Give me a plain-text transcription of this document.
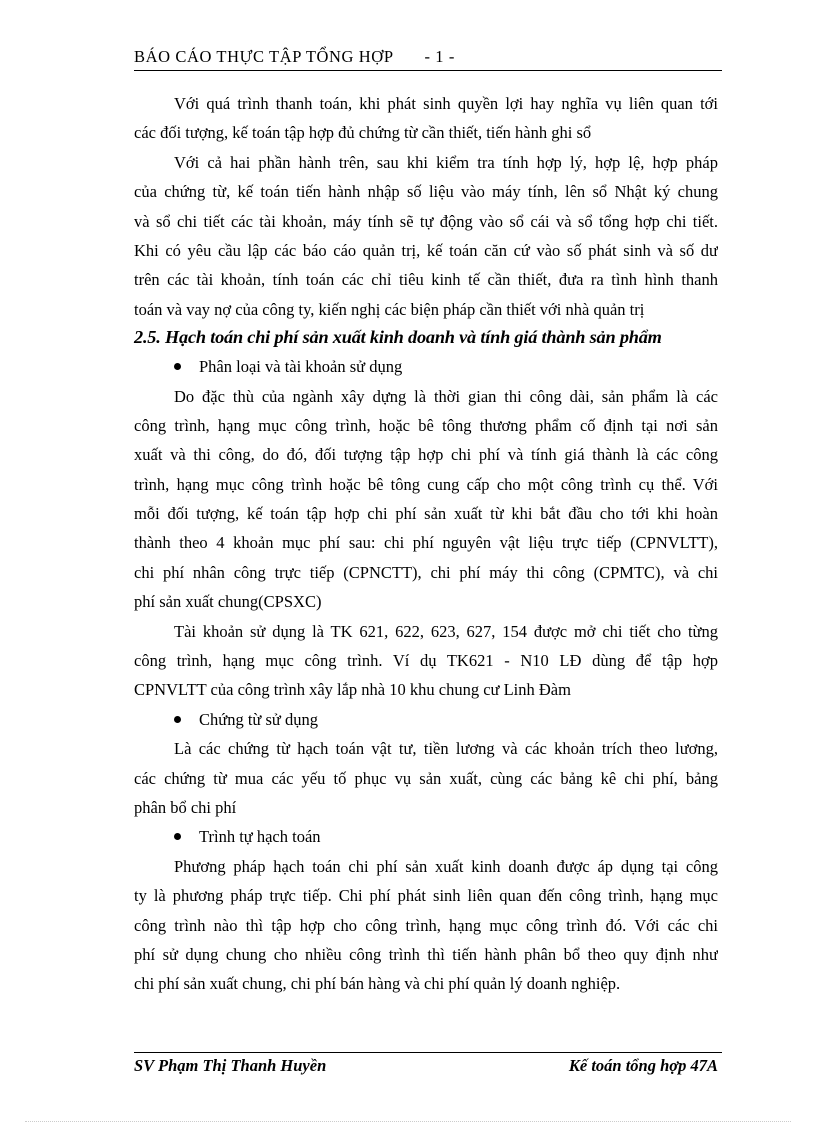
BÁO CÁO THỰC TẬP TỔNG HỢP - 1 -
Với quá trình thanh toán, khi phát sinh quyền lợi hay nghĩa vụ liên quan tới
các đối tượng, kế toán tập hợp đủ chứng từ cần thiết, tiến hành ghi sổ
Với cả hai phần hành trên, sau khi kiểm tra tính hợp lý, hợp lệ, hợp pháp
của chứng từ, kế toán tiến hành nhập số liệu vào máy tính, lên sổ Nhật ký chung
và sổ chi tiết các tài khoản, máy tính sẽ tự động vào sổ cái và sổ tổng hợp chi tiết.
Khi có yêu cầu lập các báo cáo quản trị, kế toán căn cứ vào số phát sinh và số dư
trên các tài khoản, tính toán các chỉ tiêu kinh tế cần thiết, đưa ra tình hình thanh
toán và vay nợ của công ty, kiến nghị các biện pháp cần thiết với nhà quản trị
2.5. Hạch toán chi phí sản xuất kinh doanh và tính giá thành sản phẩm
Phân loại và tài khoản sử dụng
Do đặc thù của ngành xây dựng là thời gian thi công dài, sản phẩm là các
công trình, hạng mục công trình, hoặc bê tông thương phẩm cố định tại nơi sản
xuất và thi công, do đó, đối tượng tập hợp chi phí và tính giá thành là các công
trình, hạng mục công trình hoặc bê tông cung cấp cho một công trình cụ thể. Với
mỗi đối tượng, kế toán tập hợp chi phí sản xuất từ khi bắt đầu cho tới khi hoàn
thành theo 4 khoản mục phí sau: chi phí nguyên vật liệu trực tiếp (CPNVLTT),
chi phí nhân công trực tiếp (CPNCTT), chi phí máy thi công (CPMTC), và chi
phí sản xuất chung(CPSXC)
Tài khoản sử dụng là TK 621, 622, 623, 627, 154 được mở chi tiết cho từng
công trình, hạng mục công trình. Ví dụ TK621 - N10 LĐ dùng để tập hợp
CPNVLTT của công trình xây lắp nhà 10 khu chung cư Linh Đàm
Chứng từ sử dụng
Là các chứng từ hạch toán vật tư, tiền lương và các khoản trích theo lương,
các chứng từ mua các yếu tố phục vụ sản xuất, cùng các bảng kê chi phí, bảng
phân bổ chi phí
Trình tự hạch toán
Phương pháp hạch toán chi phí sản xuất kinh doanh được áp dụng tại công
ty là phương pháp trực tiếp. Chi phí phát sinh liên quan đến công trình, hạng mục
công trình nào thì tập hợp cho công trình, hạng mục công trình đó. Với các chi
phí sử dụng chung cho nhiều công trình thì tiến hành phân bổ theo quy định như
chi phí sản xuất chung, chi phí bán hàng và chi phí quản lý doanh nghiệp.
SV Phạm Thị Thanh Huyền	Kế toán tổng hợp 47A
